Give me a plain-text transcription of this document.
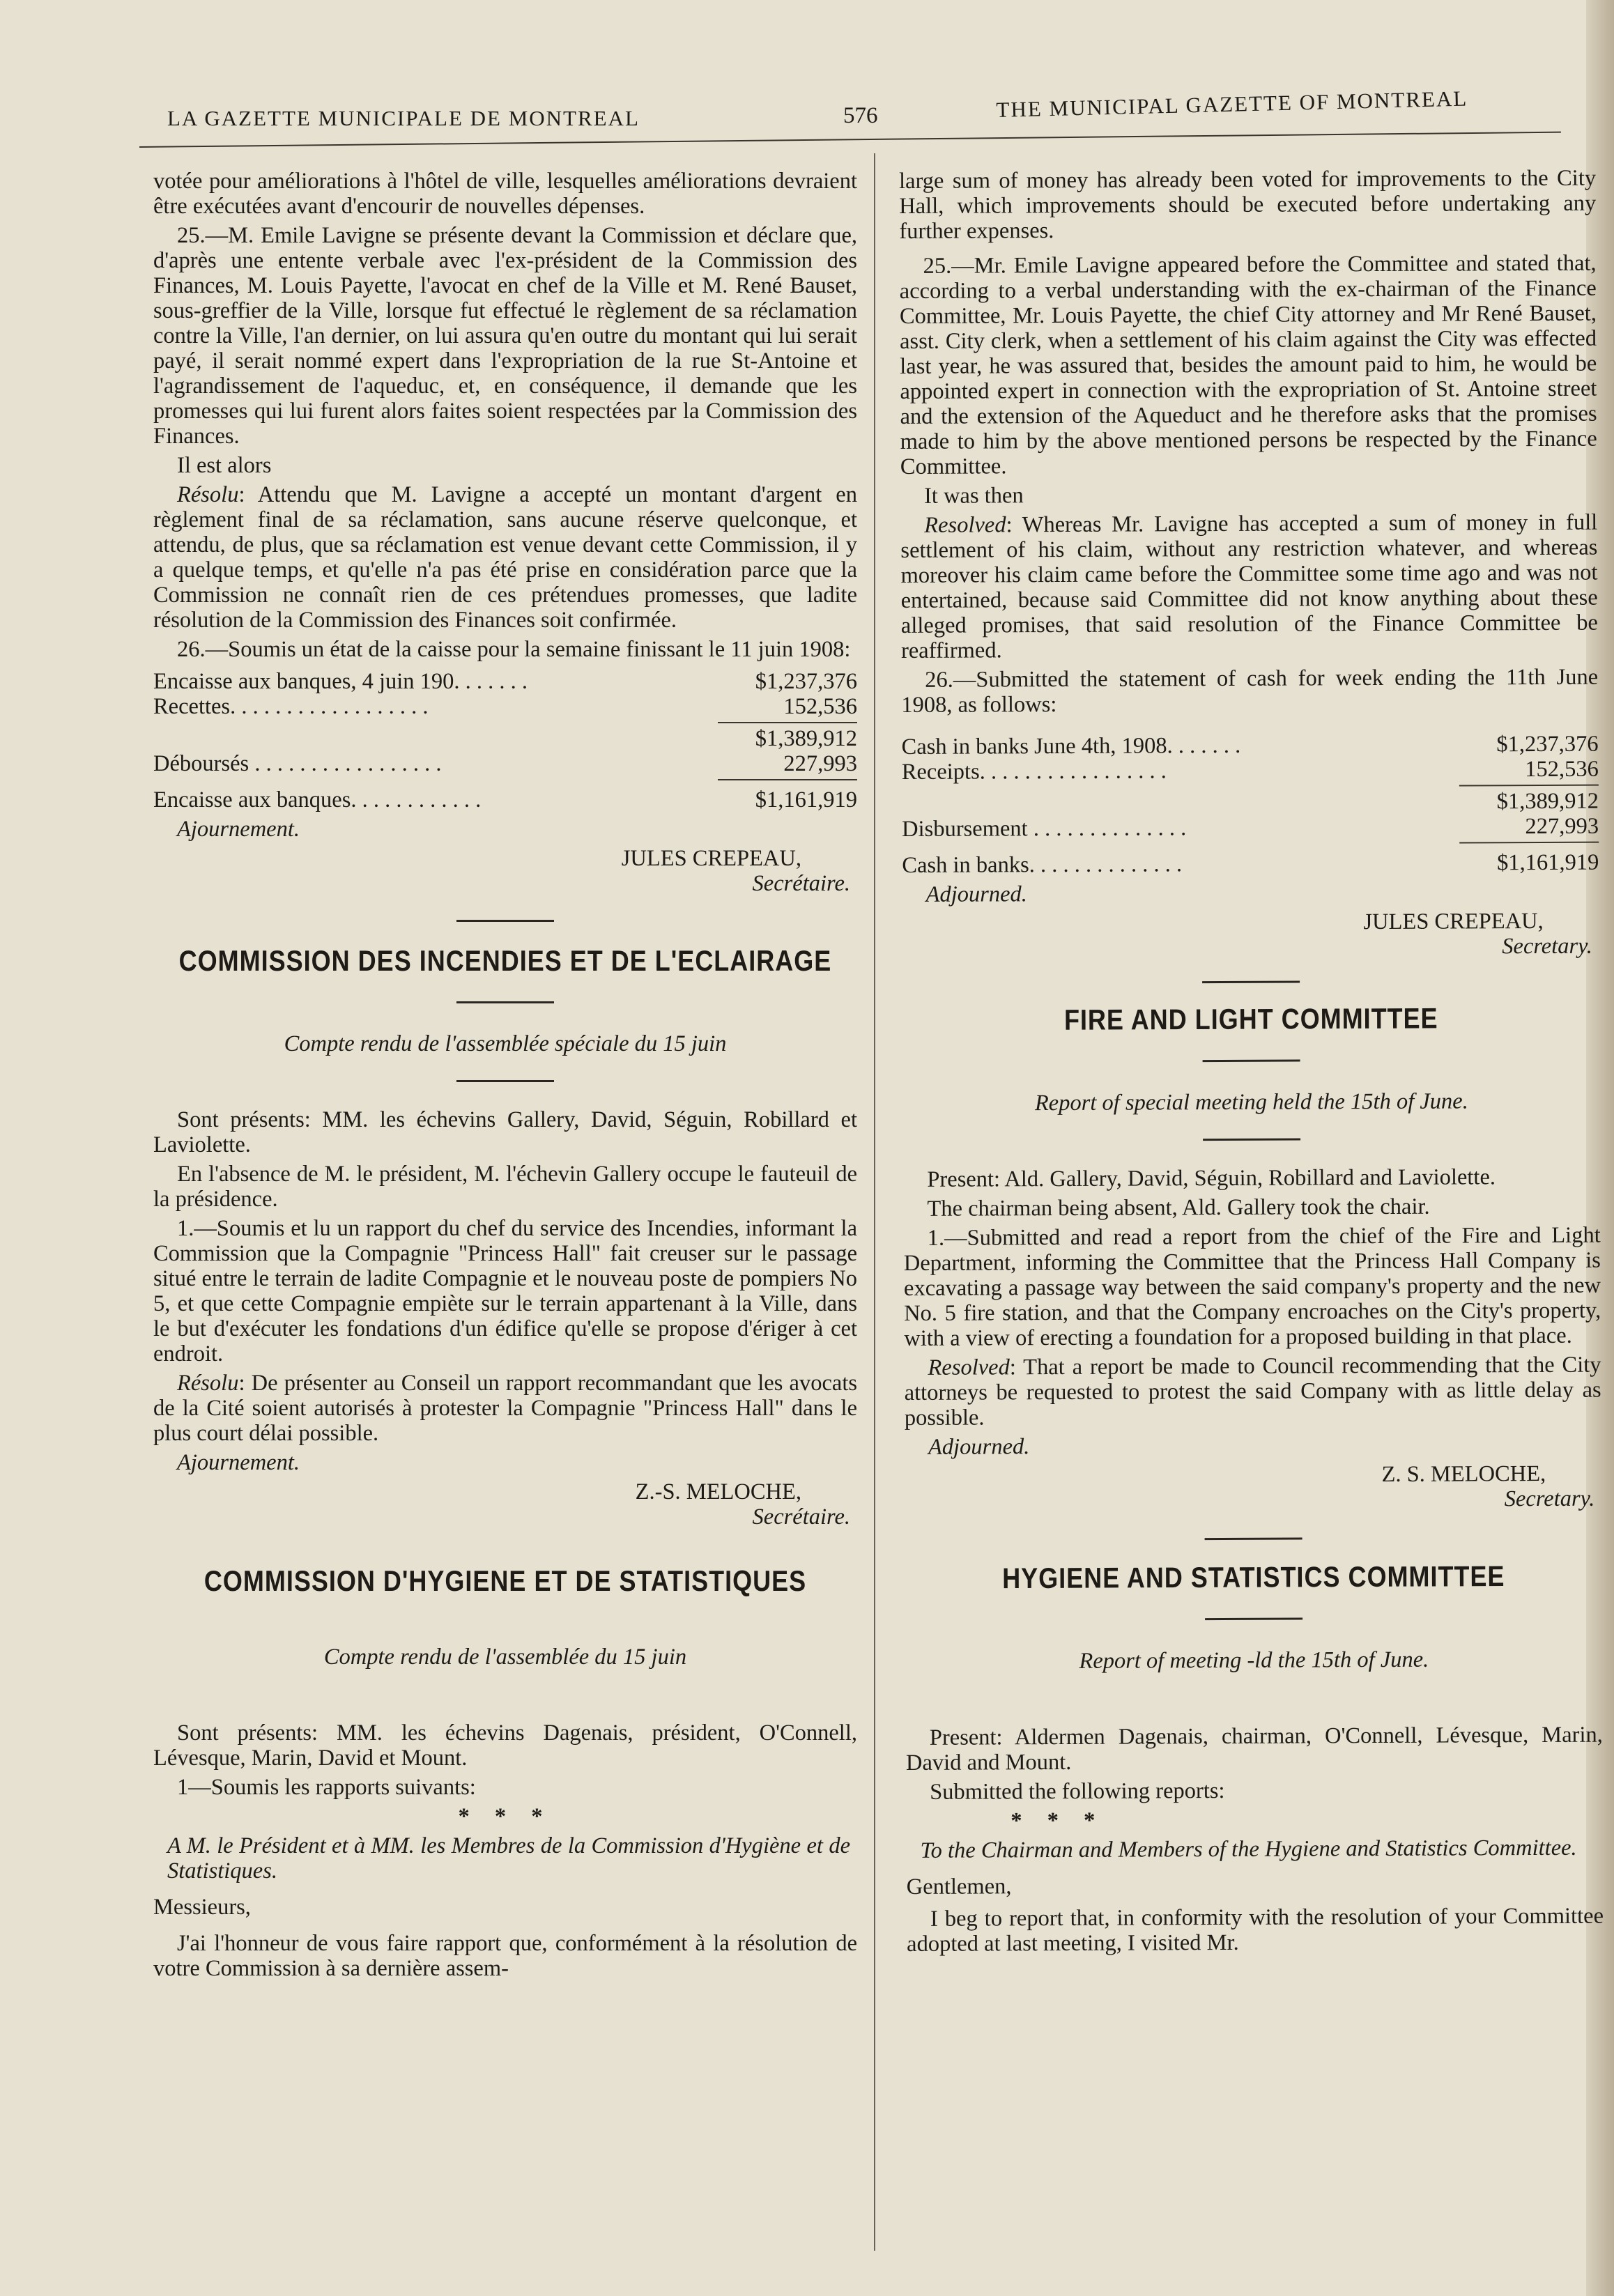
LA GAZETTE MUNICIPALE DE MONTREAL	576	THE MUNICIPAL GAZETTE OF MONTREAL

votée pour améliorations à l'hôtel de ville, lesquelles améliorations devraient être exécutées avant d'encourir de nouvelles dépenses.

25.—M. Emile Lavigne se présente devant la Commission et déclare que, d'après une entente verbale avec l'ex-président de la Commission des Finances, M. Louis Payette, l'avocat en chef de la Ville et M. René Bauset, sous-greffier de la Ville, lorsque fut effectué le règlement de sa réclamation contre la Ville, l'an dernier, on lui assura qu'en outre du montant qui lui serait payé, il serait nommé expert dans l'expropriation de la rue St-Antoine et l'agrandissement de l'aqueduc, et, en conséquence, il demande que les promesses qui lui furent alors faites soient respectées par la Commission des Finances.

Il est alors

Résolu: Attendu que M. Lavigne a accepté un montant d'argent en règlement final de sa réclamation, sans aucune réserve quelconque, et attendu, de plus, que sa réclamation est venue devant cette Commission, il y a quelque temps, et qu'elle n'a pas été prise en considération parce que la Commission ne connaît rien de ces prétendues promesses, que ladite résolution de la Commission des Finances soit confirmée.

26.—Soumis un état de la caisse pour la semaine finissant le 11 juin 1908:

Encaisse aux banques, 4 juin 190. . . . . . .	$1,237,376
Recettes. . . . . . . . . . . . . . . . . .	152,536
$1,389,912
Déboursés . . . . . . . . . . . . . . . . .	227,993
Encaisse aux banques. . . . . . . . . . . .	$1,161,919

Ajournement.

JULES CREPEAU,
Secrétaire.
COMMISSION DES INCENDIES ET DE L'ECLAIRAGE

Compte rendu de l'assemblée spéciale du 15 juin

Sont présents: MM. les échevins Gallery, David, Séguin, Robillard et Laviolette.

En l'absence de M. le président, M. l'échevin Gallery occupe le fauteuil de la présidence.

1.—Soumis et lu un rapport du chef du service des Incendies, informant la Commission que la Compagnie "Princess Hall" fait creuser sur le passage situé entre le terrain de ladite Compagnie et le nouveau poste de pompiers No 5, et que cette Compagnie empiète sur le terrain appartenant à la Ville, dans le but d'exécuter les fondations d'un édifice qu'elle se propose d'ériger à cet endroit.

Résolu: De présenter au Conseil un rapport recommandant que les avocats de la Cité soient autorisés à protester la Compagnie "Princess Hall" dans le plus court délai possible.

Ajournement.

Z.-S. MELOCHE,
Secrétaire.
COMMISSION D'HYGIENE ET DE STATISTIQUES

Compte rendu de l'assemblée du 15 juin

Sont présents: MM. les échevins Dagenais, président, O'Connell, Lévesque, Marin, David et Mount.

1—Soumis les rapports suivants:

* * *

A M. le Président et à MM. les Membres de la Commission d'Hygiène et de Statistiques.

Messieurs,

J'ai l'honneur de vous faire rapport que, conformément à la résolution de votre Commission à sa dernière assem-

large sum of money has already been voted for improvements to the City Hall, which improvements should be executed before undertaking any further expenses.

25.—Mr. Emile Lavigne appeared before the Committee and stated that, according to a verbal understanding with the ex-chairman of the Finance Committee, Mr. Louis Payette, the chief City attorney and Mr René Bauset, asst. City clerk, when a settlement of his claim against the City was effected last year, he was assured that, besides the amount paid to him, he would be appointed expert in connection with the expropriation of St. Antoine street and the extension of the Aqueduct and he therefore asks that the promises made to him by the above mentioned persons be respected by the Finance Committee.

It was then

Resolved: Whereas Mr. Lavigne has accepted a sum of money in full settlement of his claim, without any restriction whatever, and whereas moreover his claim came before the Committee some time ago and was not entertained, because said Committee did not know anything about these alleged promises, that said resolution of the Finance Committee be reaffirmed.

26.—Submitted the statement of cash for week ending the 11th June 1908, as follows:

Cash in banks June 4th, 1908. . . . . . .	$1,237,376
Receipts. . . . . . . . . . . . . . . . .	152,536
$1,389,912
Disbursement . . . . . . . . . . . . . .	227,993
Cash in banks. . . . . . . . . . . . . .	$1,161,919

Adjourned.

JULES CREPEAU,
Secretary.
FIRE AND LIGHT COMMITTEE

Report of special meeting held the 15th of June.

Present: Ald. Gallery, David, Séguin, Robillard and Laviolette.

The chairman being absent, Ald. Gallery took the chair.

1.—Submitted and read a report from the chief of the Fire and Light Department, informing the Committee that the Princess Hall Company is excavating a passage way between the said company's property and the new No. 5 fire station, and that the Company encroaches on the City's property, with a view of erecting a foundation for a proposed building in that place.

Resolved: That a report be made to Council recommending that the City attorneys be requested to protest the said Company with as little delay as possible.

Adjourned.

Z. S. MELOCHE,
Secretary.
HYGIENE AND STATISTICS COMMITTEE

Report of meeting -ld the 15th of June.

Present: Aldermen Dagenais, chairman, O'Connell, Lévesque, Marin, David and Mount.

Submitted the following reports:

* * *

To the Chairman and Members of the Hygiene and Statistics Committee.

Gentlemen,

I beg to report that, in conformity with the resolution of your Committee adopted at last meeting, I visited Mr.
